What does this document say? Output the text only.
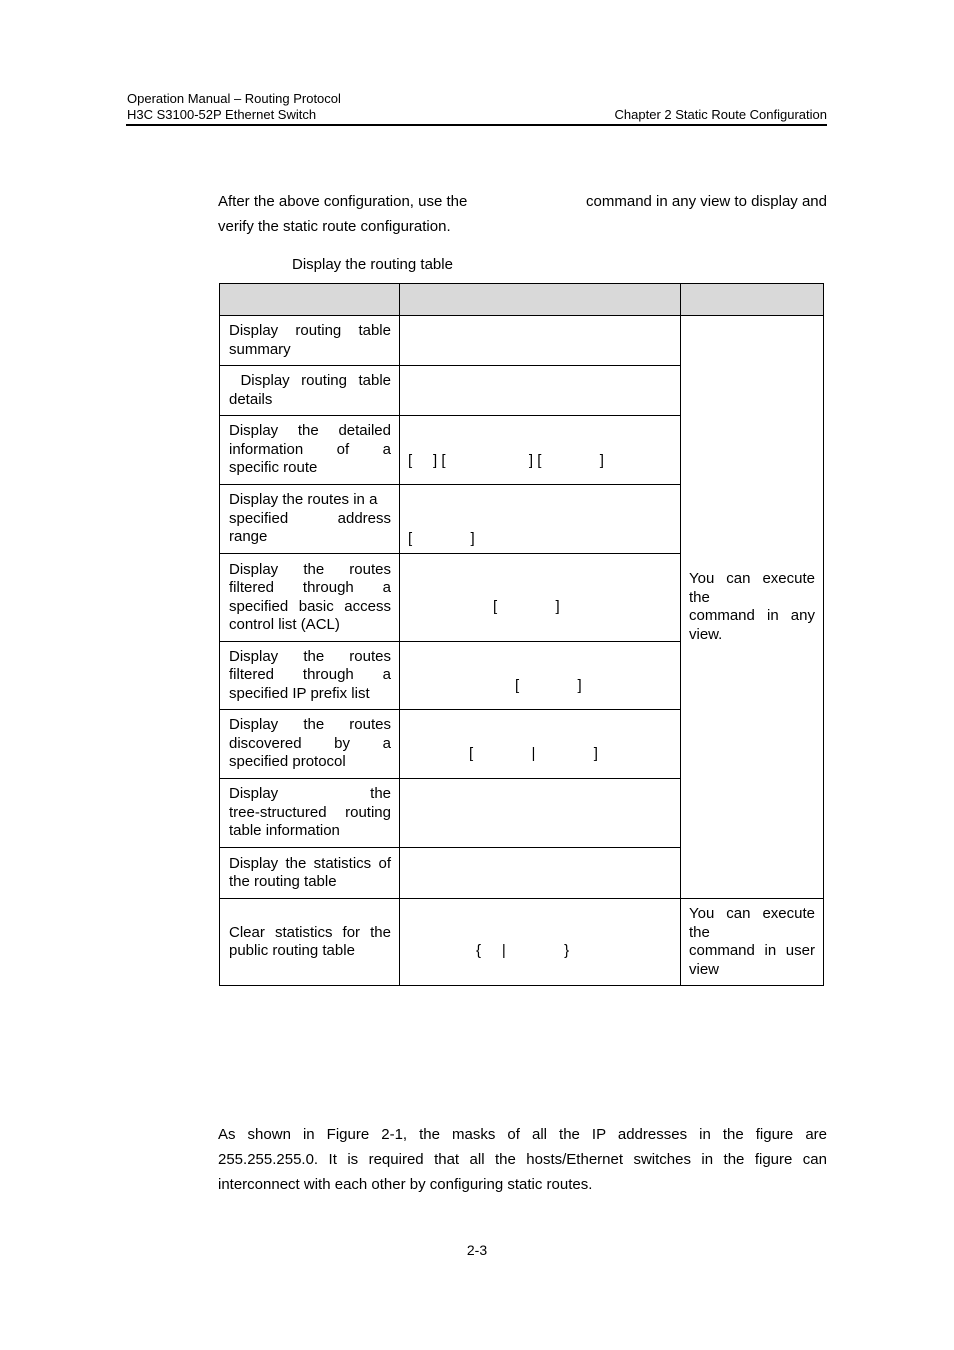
Operation Manual – Routing Protocol
H3C S3100-52P Ethernet Switch	Chapter 2 Static Route Configuration
After the above configuration, use the	command in any view to display and
verify the static route configuration.
Display the routing table

Display routing table
summary		You can execute
the
command in any
view.

Display routing table
details		

Display the detailed
information of a
specific route	[     ] [                    ] [              ]	

Display the routes in a
specified address
range	[              ]	

Display the routes
filtered through a
specified basic access
control list (ACL)	[              ]	

Display the routes
filtered through a
specified IP prefix list	[              ]	

Display the routes
discovered by a
specified protocol	[              |              ]	

Display the
tree-structured routing
table information		

Display the statistics of
the routing table		

Clear statistics for the
public routing table	{     |              }	You can execute
the
command in user
view
As shown in Figure 2-1, the masks of all the IP addresses in the figure are
255.255.255.0. It is required that all the hosts/Ethernet switches in the figure can
interconnect with each other by configuring static routes.
2-3
